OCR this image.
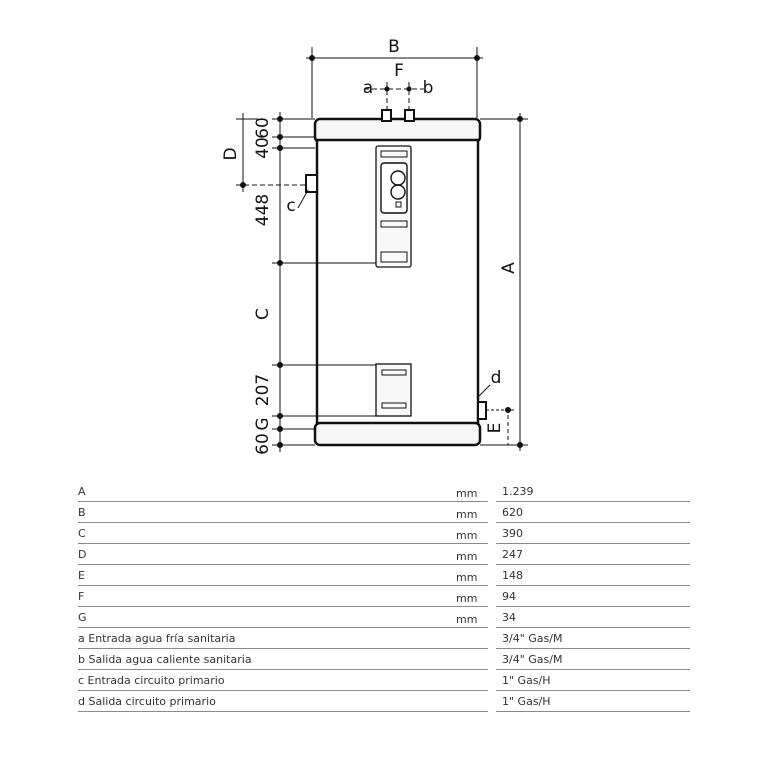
B
F
a	b
A
d
E
D
c
60
40
448
C
207
G
60
A	mm 1.239
B	mm 620
C	mm 390
D	mm 247
E	mm 148
F	mm 94
G	mm 34
a Entrada agua fría sanitaria	3/4" Gas/M
b Salida agua caliente sanitaria	3/4" Gas/M
c Entrada circuito primario	1" Gas/H
d Salida circuito primario	1" Gas/H
